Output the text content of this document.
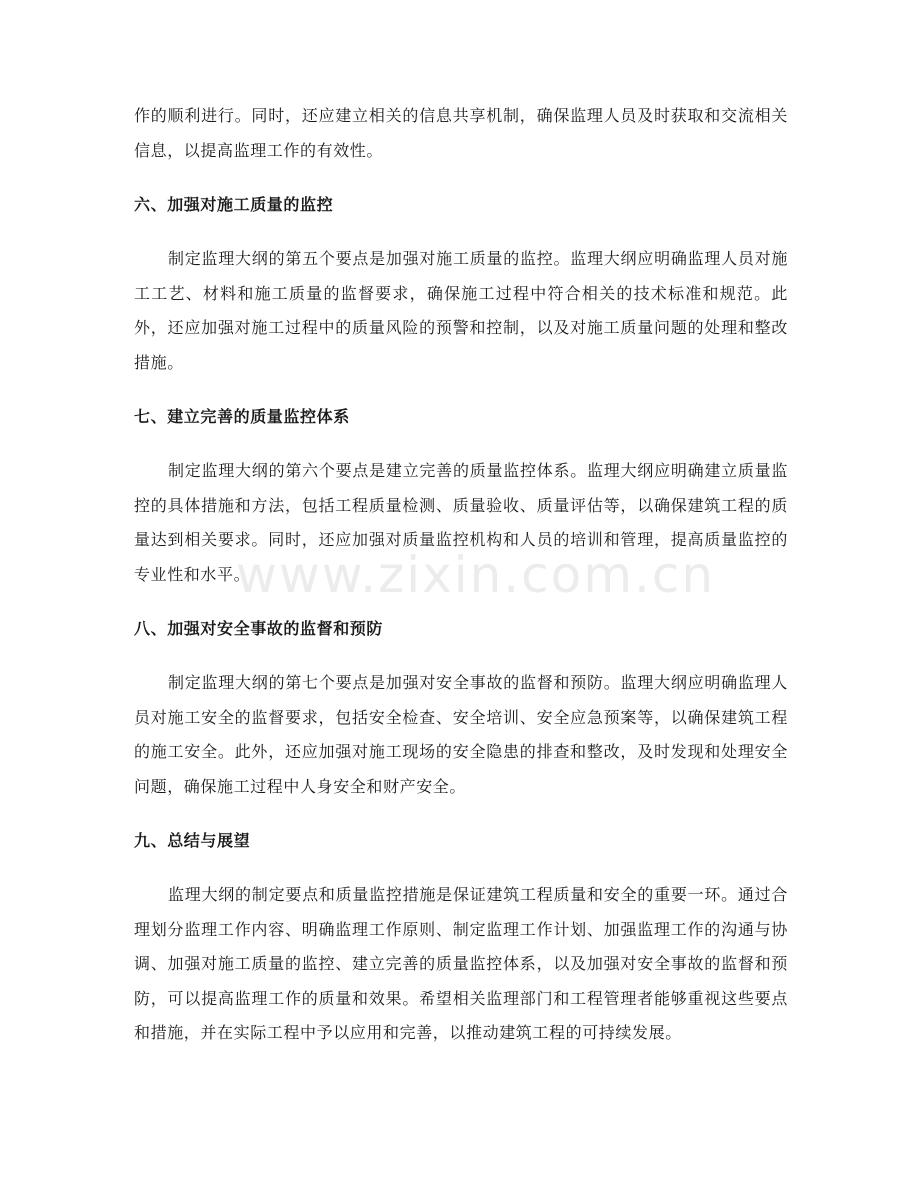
作的顺利进行。同时，还应建立相关的信息共享机制，确保监理人员及时获取和交流相关信息，以提高监理工作的有效性。

六、加强对施工质量的监控

制定监理大纲的第五个要点是加强对施工质量的监控。监理大纲应明确监理人员对施工工艺、材料和施工质量的监督要求，确保施工过程中符合相关的技术标准和规范。此外，还应加强对施工过程中的质量风险的预警和控制，以及对施工质量问题的处理和整改措施。

七、建立完善的质量监控体系

制定监理大纲的第六个要点是建立完善的质量监控体系。监理大纲应明确建立质量监控的具体措施和方法，包括工程质量检测、质量验收、质量评估等，以确保建筑工程的质量达到相关要求。同时，还应加强对质量监控机构和人员的培训和管理，提高质量监控的专业性和水平。

八、加强对安全事故的监督和预防

制定监理大纲的第七个要点是加强对安全事故的监督和预防。监理大纲应明确监理人员对施工安全的监督要求，包括安全检查、安全培训、安全应急预案等，以确保建筑工程的施工安全。此外，还应加强对施工现场的安全隐患的排查和整改，及时发现和处理安全问题，确保施工过程中人身安全和财产安全。

九、总结与展望

监理大纲的制定要点和质量监控措施是保证建筑工程质量和安全的重要一环。通过合理划分监理工作内容、明确监理工作原则、制定监理工作计划、加强监理工作的沟通与协调、加强对施工质量的监控、建立完善的质量监控体系，以及加强对安全事故的监督和预防，可以提高监理工作的质量和效果。希望相关监理部门和工程管理者能够重视这些要点和措施，并在实际工程中予以应用和完善，以推动建筑工程的可持续发展。

www.zixin.com.cn
